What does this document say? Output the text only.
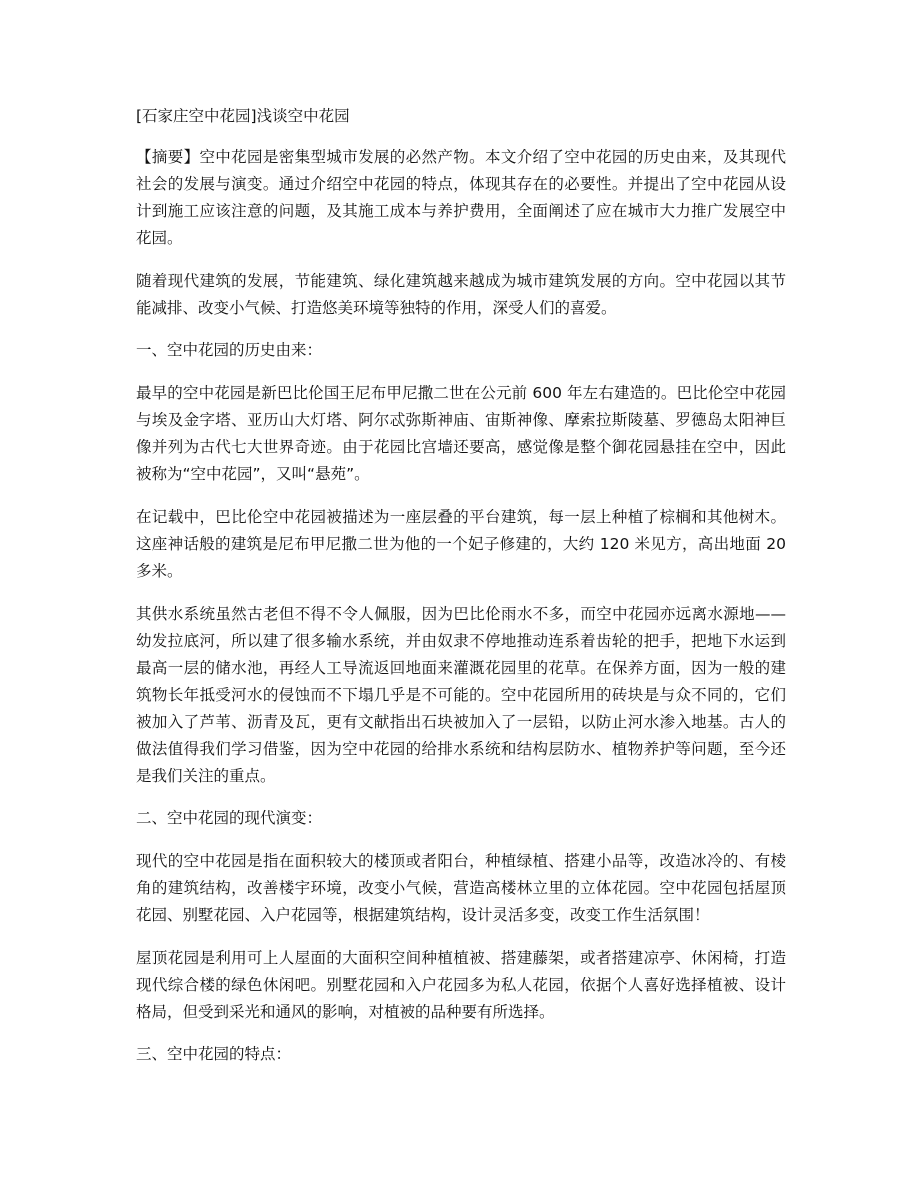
[石家庄空中花园]浅谈空中花园

【摘要】空中花园是密集型城市发展的必然产物。本文介绍了空中花园的历史由来，及其现代社会的发展与演变。通过介绍空中花园的特点，体现其存在的必要性。并提出了空中花园从设计到施工应该注意的问题，及其施工成本与养护费用，全面阐述了应在城市大力推广发展空中花园。

随着现代建筑的发展，节能建筑、绿化建筑越来越成为城市建筑发展的方向。空中花园以其节能减排、改变小气候、打造悠美环境等独特的作用，深受人们的喜爱。

一、空中花园的历史由来：

最早的空中花园是新巴比伦国王尼布甲尼撒二世在公元前 600 年左右建造的。巴比伦空中花园与埃及金字塔、亚历山大灯塔、阿尔忒弥斯神庙、宙斯神像、摩索拉斯陵墓、罗德岛太阳神巨像并列为古代七大世界奇迹。由于花园比宫墙还要高，感觉像是整个御花园悬挂在空中，因此被称为“空中花园”，又叫“悬苑”。

在记载中，巴比伦空中花园被描述为一座层叠的平台建筑，每一层上种植了棕榈和其他树木。这座神话般的建筑是尼布甲尼撒二世为他的一个妃子修建的，大约 120 米见方，高出地面 20 多米。

其供水系统虽然古老但不得不令人佩服，因为巴比伦雨水不多，而空中花园亦远离水源地——幼发拉底河，所以建了很多输水系统，并由奴隶不停地推动连系着齿轮的把手，把地下水运到最高一层的储水池，再经人工导流返回地面来灌溉花园里的花草。在保养方面，因为一般的建筑物长年抵受河水的侵蚀而不下塌几乎是不可能的。空中花园所用的砖块是与众不同的，它们被加入了芦苇、沥青及瓦，更有文献指出石块被加入了一层铅，以防止河水渗入地基。古人的做法值得我们学习借鉴，因为空中花园的给排水系统和结构层防水、植物养护等问题，至今还是我们关注的重点。

二、空中花园的现代演变：

现代的空中花园是指在面积较大的楼顶或者阳台，种植绿植、搭建小品等，改造冰冷的、有棱角的建筑结构，改善楼宇环境，改变小气候，营造高楼林立里的立体花园。空中花园包括屋顶花园、别墅花园、入户花园等，根据建筑结构，设计灵活多变，改变工作生活氛围！

屋顶花园是利用可上人屋面的大面积空间种植植被、搭建藤架，或者搭建凉亭、休闲椅，打造现代综合楼的绿色休闲吧。别墅花园和入户花园多为私人花园，依据个人喜好选择植被、设计格局，但受到采光和通风的影响，对植被的品种要有所选择。

三、空中花园的特点：
